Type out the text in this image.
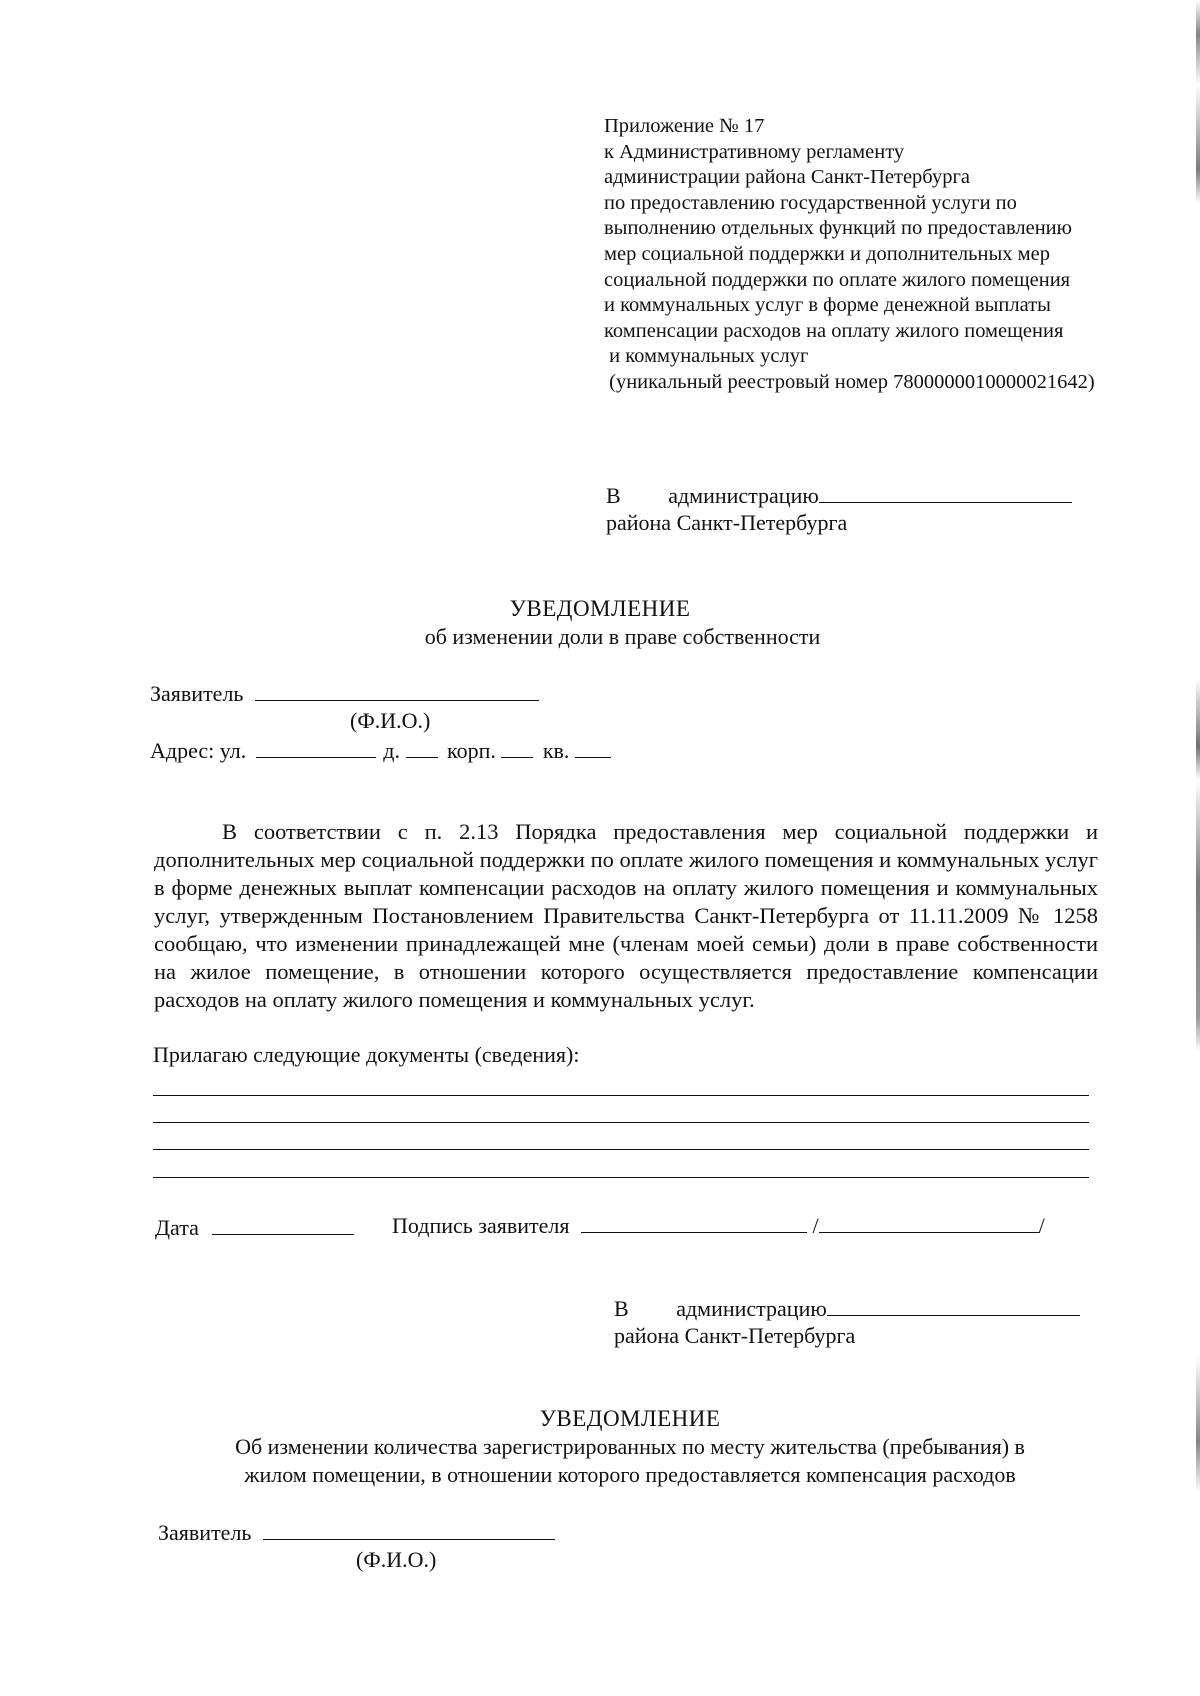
Приложение № 17
к Административному регламенту
администрации района Санкт-Петербурга
по предоставлению государственной услуги по
выполнению отдельных функций по предоставлению
мер социальной поддержки и дополнительных мер
социальной поддержки по оплате жилого помещения
и коммунальных услуг в форме денежной выплаты
компенсации расходов на оплату жилого помещения
и коммунальных услуг
(уникальный реестровый номер 7800000010000021642)
В администрацию
района Санкт-Петербурга
УВЕДОМЛЕНИЕ
об изменении доли в праве собственности
Заявитель
(Ф.И.О.)
Адрес: ул.	д. корп. кв.
В соответствии с п. 2.13 Порядка предоставления мер социальной поддержки и дополнительных мер социальной поддержки по оплате жилого помещения и коммунальных услуг в форме денежных выплат компенсации расходов на оплату жилого помещения и коммунальных услуг, утвержденным Постановлением Правительства Санкт-Петербурга от 11.11.2009 № 1258 сообщаю, что изменении принадлежащей мне (членам моей семьи) доли в праве собственности на жилое помещение, в отношении которого осуществляется предоставление компенсации расходов на оплату жилого помещения и коммунальных услуг.
Прилагаю следующие документы (сведения):
Дата	Подпись заявителя	/	/
В администрацию
района Санкт-Петербурга
УВЕДОМЛЕНИЕ
Об изменении количества зарегистрированных по месту жительства (пребывания) в
жилом помещении, в отношении которого предоставляется компенсация расходов
Заявитель
(Ф.И.О.)
